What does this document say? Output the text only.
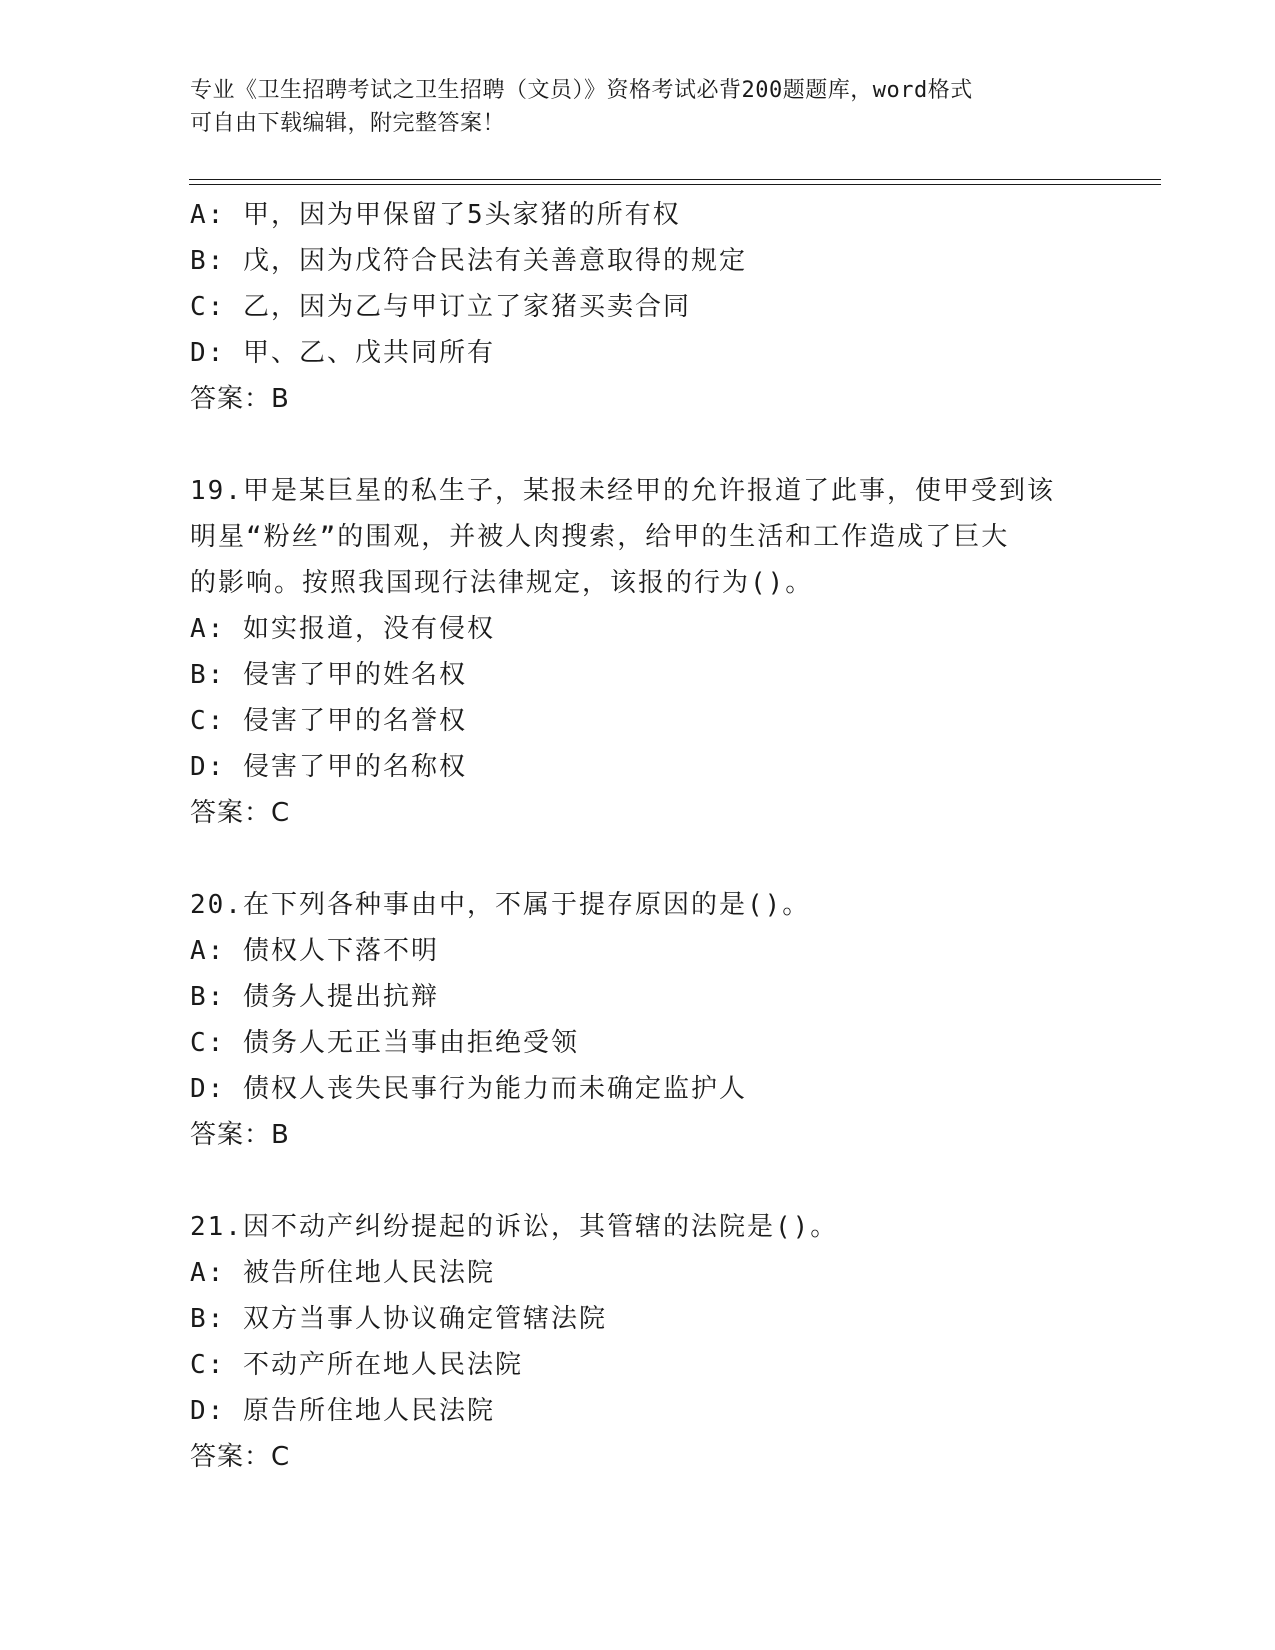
专业《卫生招聘考试之卫生招聘（文员）》资格考试必背200题题库，word格式
可自由下载编辑，附完整答案！
A: 甲，因为甲保留了5头家猪的所有权
B: 戊，因为戊符合民法有关善意取得的规定
C: 乙，因为乙与甲订立了家猪买卖合同
D: 甲、乙、戊共同所有
答案：B
19.甲是某巨星的私生子，某报未经甲的允许报道了此事，使甲受到该
明星“粉丝”的围观，并被人肉搜索，给甲的生活和工作造成了巨大
的影响。按照我国现行法律规定，该报的行为()。
A: 如实报道，没有侵权
B: 侵害了甲的姓名权
C: 侵害了甲的名誉权
D: 侵害了甲的名称权
答案：C
20.在下列各种事由中，不属于提存原因的是()。
A: 债权人下落不明
B: 债务人提出抗辩
C: 债务人无正当事由拒绝受领
D: 债权人丧失民事行为能力而未确定监护人
答案：B
21.因不动产纠纷提起的诉讼，其管辖的法院是()。
A: 被告所住地人民法院
B: 双方当事人协议确定管辖法院
C: 不动产所在地人民法院
D: 原告所住地人民法院
答案：C
